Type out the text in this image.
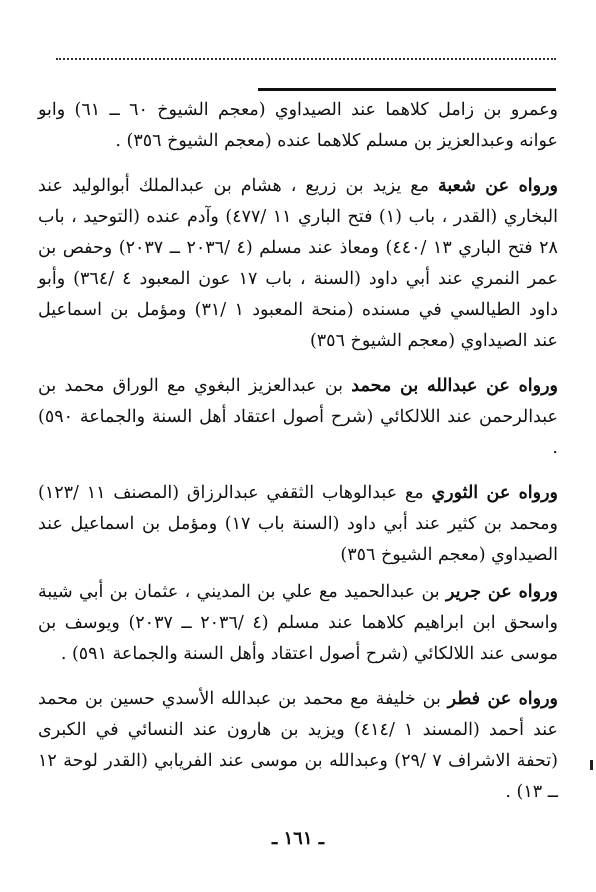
وعمرو بن زامل كلاهما عند الصيداوي (معجم الشيوخ ٦٠ ــ ٦١) وابو عوانه وعبدالعزيز بن مسلم كلاهما عنده (معجم الشيوخ ٣٥٦) .

ورواه عن شعبة مع يزيد بن زريع ، هشام بن عبدالملك أبوالوليد عند البخاري (القدر ، باب (١) فتح الباري ١١ /٤٧٧) وآدم عنده (التوحيد ، باب ٢٨ فتح الباري ١٣ /٤٤٠) ومعاذ عند مسلم (٤ /٢٠٣٦ ــ ٢٠٣٧) وحفص بن عمر النمري عند أبي داود (السنة ، باب ١٧ عون المعبود ٤ /٣٦٤) وأبو داود الطيالسي في مسنده (منحة المعبود ١ /٣١) ومؤمل بن اسماعيل عند الصيداوي (معجم الشيوخ ٣٥٦)

ورواه عن عبدالله بن محمد بن عبدالعزيز البغوي مع الوراق محمد بن عبدالرحمن عند اللالكائي (شرح أصول اعتقاد أهل السنة والجماعة ٥٩٠) .

ورواه عن الثوري مع عبدالوهاب الثقفي عبدالرزاق (المصنف ١١ /١٢٣) ومحمد بن كثير عند أبي داود (السنة باب ١٧) ومؤمل بن اسماعيل عند الصيداوي (معجم الشيوخ ٣٥٦)

ورواه عن جرير بن عبدالحميد مع علي بن المديني ، عثمان بن أبي شيبة واسحق ابن ابراهيم كلاهما عند مسلم (٤ /٢٠٣٦ ــ ٢٠٣٧) ويوسف بن موسى عند اللالكائي (شرح أصول اعتقاد وأهل السنة والجماعة ٥٩١) .

ورواه عن فطر بن خليفة مع محمد بن عبدالله الأسدي حسين بن محمد عند أحمد (المسند ١ /٤١٤) ويزيد بن هارون عند النسائي في الكبرى (تحفة الاشراف ٧ /٢٩) وعبدالله بن موسى عند الفريابي (القدر لوحة ١٢ ــ ١٣) .

ـ ١٦١ ـ
